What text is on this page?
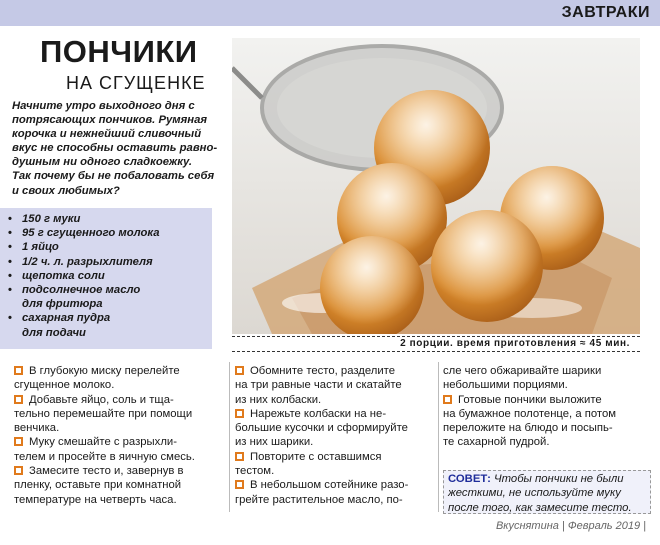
ЗАВТРАКИ
ПОНЧИКИ
НА СГУЩЕНКЕ
Начните утро выходного дня с
потрясающих пончиков. Румяная
корочка и нежнейший сливочный
вкус не способны оставить равно-
душным ни одного сладкоежку.
Так почему бы не побаловать себя
и своих любимых?
• 150 г муки
• 95 г сгущенного молока
• 1 яйцо
• 1/2 ч. л. разрыхлителя
• щепотка соли
• подсолнечное масло
для фритюра
• сахарная пудра
для подачи
2 порции. время приготовления ≈ 45 мин.
В глубокую миску перелейте
сгущенное молоко.
Добавьте яйцо, соль и тща-
тельно перемешайте при помощи
венчика.
Муку смешайте с разрыхли-
телем и просейте в яичную смесь.
Замесите тесто и, завернув в
пленку, оставьте при комнатной
температуре на четверть часа.
Обомните тесто, разделите
на три равные части и скатайте
из них колбаски.
Нарежьте колбаски на не-
большие кусочки и сформируйте
из них шарики.
Повторите с оставшимся
тестом.
В небольшом сотейнике разо-
грейте растительное масло, по-
сле чего обжаривайте шарики
небольшими порциями.
Готовые пончики выложите
на бумажное полотенце, а потом
переложите на блюдо и посыпь-
те сахарной пудрой.
СОВЕТ: Чтобы пончики не были
жесткими, не используйте муку
после того, как замесите тесто.
Вкуснятина | Февраль 2019 |
